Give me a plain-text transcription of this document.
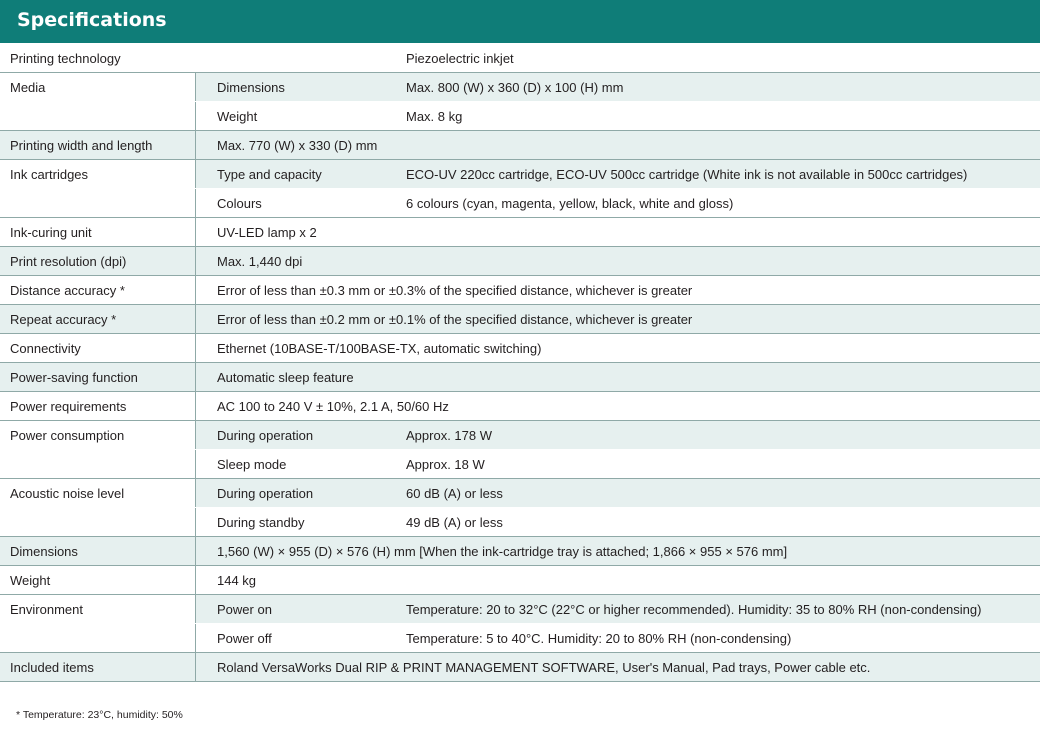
Specifications
Printing technology	Piezoelectric inkjet
Media	Dimensions	Max. 800 (W) x 360 (D) x 100 (H) mm
Weight	Max. 8 kg
Printing width and length	Max. 770 (W) x 330 (D) mm
Ink cartridges	Type and capacity	ECO-UV 220cc cartridge, ECO-UV 500cc cartridge (White ink is not available in 500cc cartridges)
Colours	6 colours (cyan, magenta, yellow, black, white and gloss)
Ink-curing unit	UV-LED lamp x 2
Print resolution (dpi)	Max. 1,440 dpi
Distance accuracy *	Error of less than ±0.3 mm or ±0.3% of the specified distance, whichever is greater
Repeat accuracy *	Error of less than ±0.2 mm or ±0.1% of the specified distance, whichever is greater
Connectivity	Ethernet (10BASE-T/100BASE-TX, automatic switching)
Power-saving function	Automatic sleep feature
Power requirements	AC 100 to 240 V ± 10%, 2.1 A, 50/60 Hz
Power consumption	During operation	Approx. 178 W
Sleep mode	Approx. 18 W
Acoustic noise level	During operation	60 dB (A) or less
During standby	49 dB (A) or less
Dimensions	1,560 (W) × 955 (D) × 576 (H) mm [When the ink-cartridge tray is attached; 1,866 × 955 × 576 mm]
Weight	144 kg
Environment	Power on	Temperature: 20 to 32°C (22°C or higher recommended). Humidity: 35 to 80% RH (non-condensing)
Power off	Temperature: 5 to 40°C. Humidity: 20 to 80% RH (non-condensing)
Included items	Roland VersaWorks Dual RIP & PRINT MANAGEMENT SOFTWARE, User's Manual, Pad trays, Power cable etc.
* Temperature: 23°C, humidity: 50%
